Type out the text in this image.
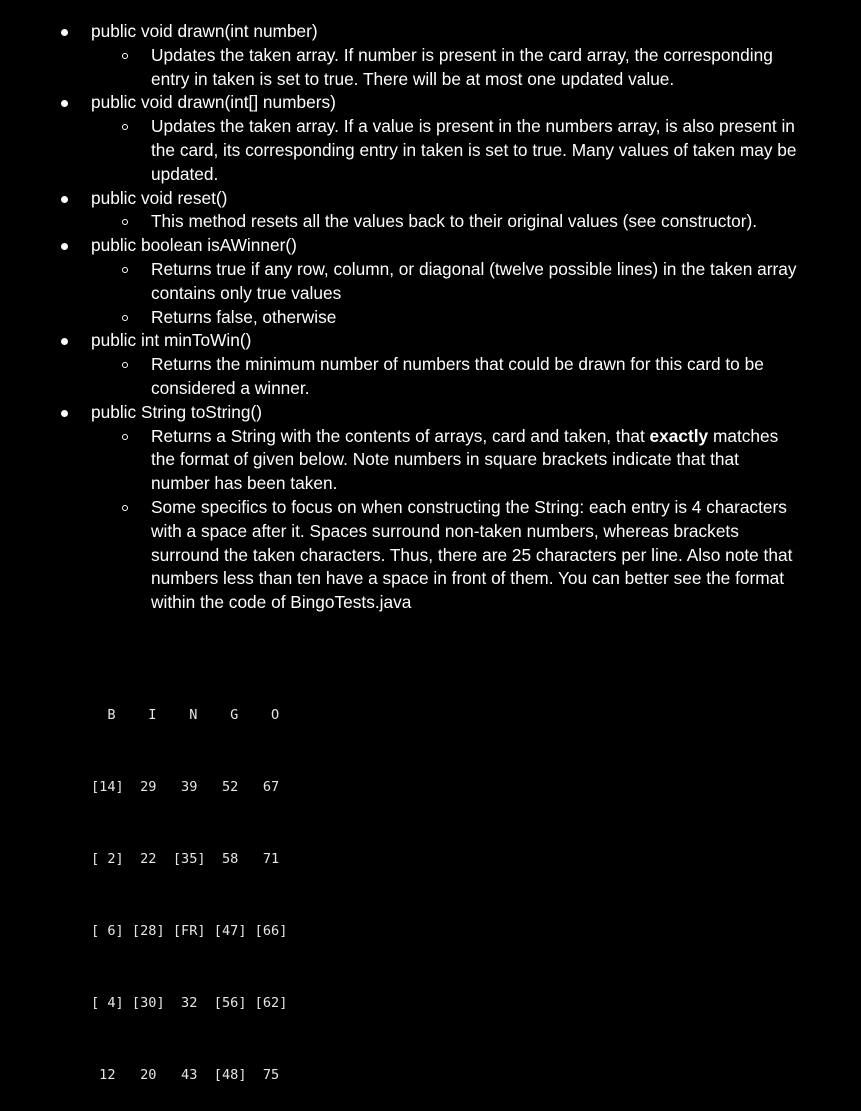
public void drawn(int number)
Updates the taken array. If number is present in the card array, the corresponding entry in taken is set to true. There will be at most one updated value.
public void drawn(int[] numbers)
Updates the taken array. If a value is present in the numbers array, is also present in the card, its corresponding entry in taken is set to true. Many values of taken may be updated.
public void reset()
This method resets all the values back to their original values (see constructor).
public boolean isAWinner()
Returns true if any row, column, or diagonal (twelve possible lines) in the taken array contains only true values
Returns false, otherwise
public int minToWin()
Returns the minimum number of numbers that could be drawn for this card to be considered a winner.
public String toString()
Returns a String with the contents of arrays, card and taken, that exactly matches the format of given below. Note numbers in square brackets indicate that that number has been taken.
Some specifics to focus on when constructing the String: each entry is 4 characters with a space after it. Spaces surround non-taken numbers, whereas brackets surround the taken characters. Thus, there are 25 characters per line. Also note that numbers less than ten have a space in front of them. You can better see the format within the code of BingoTests.java

B    I    N    G    O

[14]  29   39   52   67

[ 2]  22  [35]  58   71

[ 6] [28] [FR] [47] [66]

[ 4] [30]  32  [56] [62]

12   20   43  [48]  75
